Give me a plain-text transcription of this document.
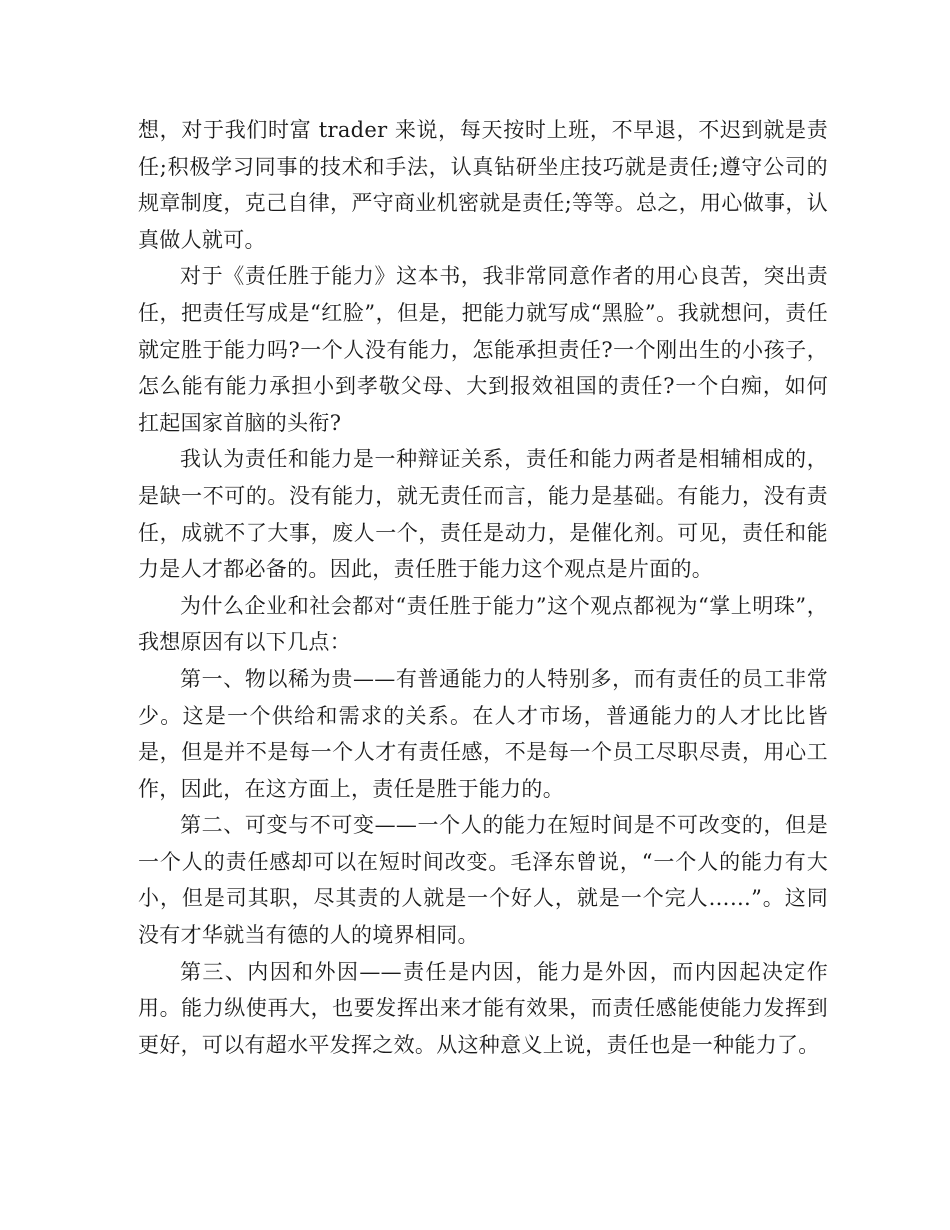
想，对于我们时富 trader 来说，每天按时上班，不早退，不迟到就是责任;积极学习同事的技术和手法，认真钻研坐庄技巧就是责任;遵守公司的规章制度，克己自律，严守商业机密就是责任;等等。总之，用心做事，认真做人就可。

对于《责任胜于能力》这本书，我非常同意作者的用心良苦，突出责任，把责任写成是“红脸”，但是，把能力就写成“黑脸”。我就想问，责任就定胜于能力吗?一个人没有能力，怎能承担责任?一个刚出生的小孩子，怎么能有能力承担小到孝敬父母、大到报效祖国的责任?一个白痴，如何扛起国家首脑的头衔?

我认为责任和能力是一种辩证关系，责任和能力两者是相辅相成的，是缺一不可的。没有能力，就无责任而言，能力是基础。有能力，没有责任，成就不了大事，废人一个，责任是动力，是催化剂。可见，责任和能力是人才都必备的。因此，责任胜于能力这个观点是片面的。

为什么企业和社会都对“责任胜于能力”这个观点都视为“掌上明珠”，我想原因有以下几点：

第一、物以稀为贵——有普通能力的人特别多，而有责任的员工非常少。这是一个供给和需求的关系。在人才市场，普通能力的人才比比皆是，但是并不是每一个人才有责任感，不是每一个员工尽职尽责，用心工作，因此，在这方面上，责任是胜于能力的。

第二、可变与不可变——一个人的能力在短时间是不可改变的，但是一个人的责任感却可以在短时间改变。毛泽东曾说，“一个人的能力有大小，但是司其职，尽其责的人就是一个好人，就是一个完人……”。这同没有才华就当有德的人的境界相同。

第三、内因和外因——责任是内因，能力是外因，而内因起决定作用。能力纵使再大，也要发挥出来才能有效果，而责任感能使能力发挥到更好，可以有超水平发挥之效。从这种意义上说，责任也是一种能力了。
